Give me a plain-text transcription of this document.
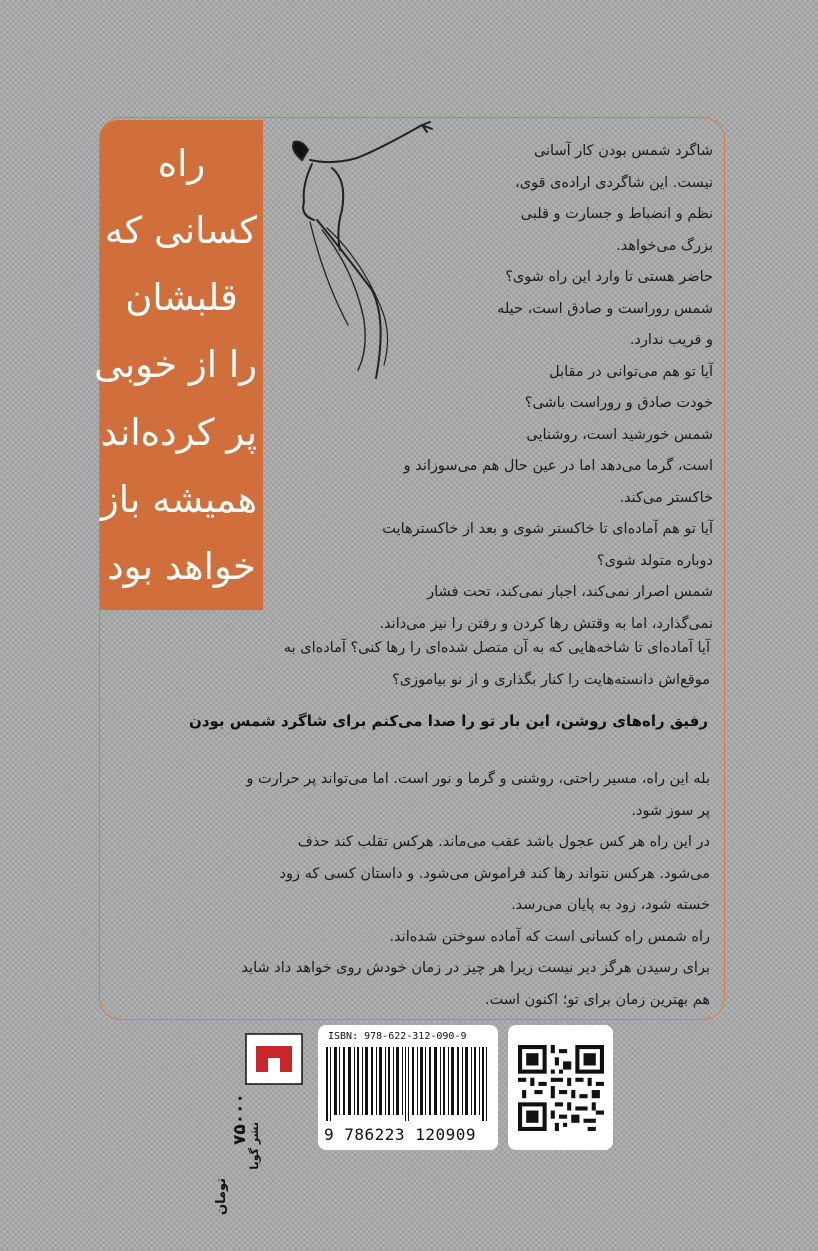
راه
کسانی که
قلبشان
را از خوبی
پر کرده‌اند
همیشه باز
خواهد بود

شاگرد شمس بودن کار آسانی

نیست. این شاگردی اراده‌ی قوی،

نظم و انضباط و جسارت و قلبی

بزرگ می‌خواهد.

حاضر هستی تا وارد این راه شوی؟

شمس روراست و صادق است، حیله

و فریب ندارد.

آیا تو هم می‌توانی در مقابل

خودت صادق و روراست باشی؟

شمس خورشید است، روشنایی

است، گرما می‌دهد اما در عین حال هم می‌سوزاند و

خاکستر می‌کند.

آیا تو هم آماده‌ای تا خاکستر شوی و بعد از خاکسترهایت

دوباره متولد شوی؟

شمس اصرار نمی‌کند، اجبار نمی‌کند، تحت فشار

نمی‌گذارد، اما به وقتش رها کردن و رفتن را نیز می‌داند.

آیا آماده‌ای تا شاخه‌هایی که به آن متصل شده‌ای را رها کنی؟ آماده‌ای به

موقع‌اش دانسته‌هایت را کنار بگذاری و از نو بیاموزی؟

رفیق راه‌های روشن، این بار تو را صدا می‌کنم برای شاگرد شمس بودن

بله این راه، مسیر راحتی، روشنی و گرما و نور است. اما می‌تواند پر حرارت و

پر سوز شود.

در این راه هر کس عجول باشد عقب می‌ماند. هرکس تقلب کند حذف

می‌شود. هرکس نتواند رها کند فراموش می‌شود. و داستان کسی که زود

خسته شود، زود به پایان می‌رسد.

راه شمس راه کسانی است که آماده سوختن شده‌اند.

برای رسیدن هرگز دیر نیست زیرا هر چیز در زمان خودش روی خواهد داد شاید

هم بهترین زمان برای تو؛ اکنون است.

ISBN: 978-622-312-090-9
9 786223 120909
نشر گویا
۷۵۰۰۰
تومان
